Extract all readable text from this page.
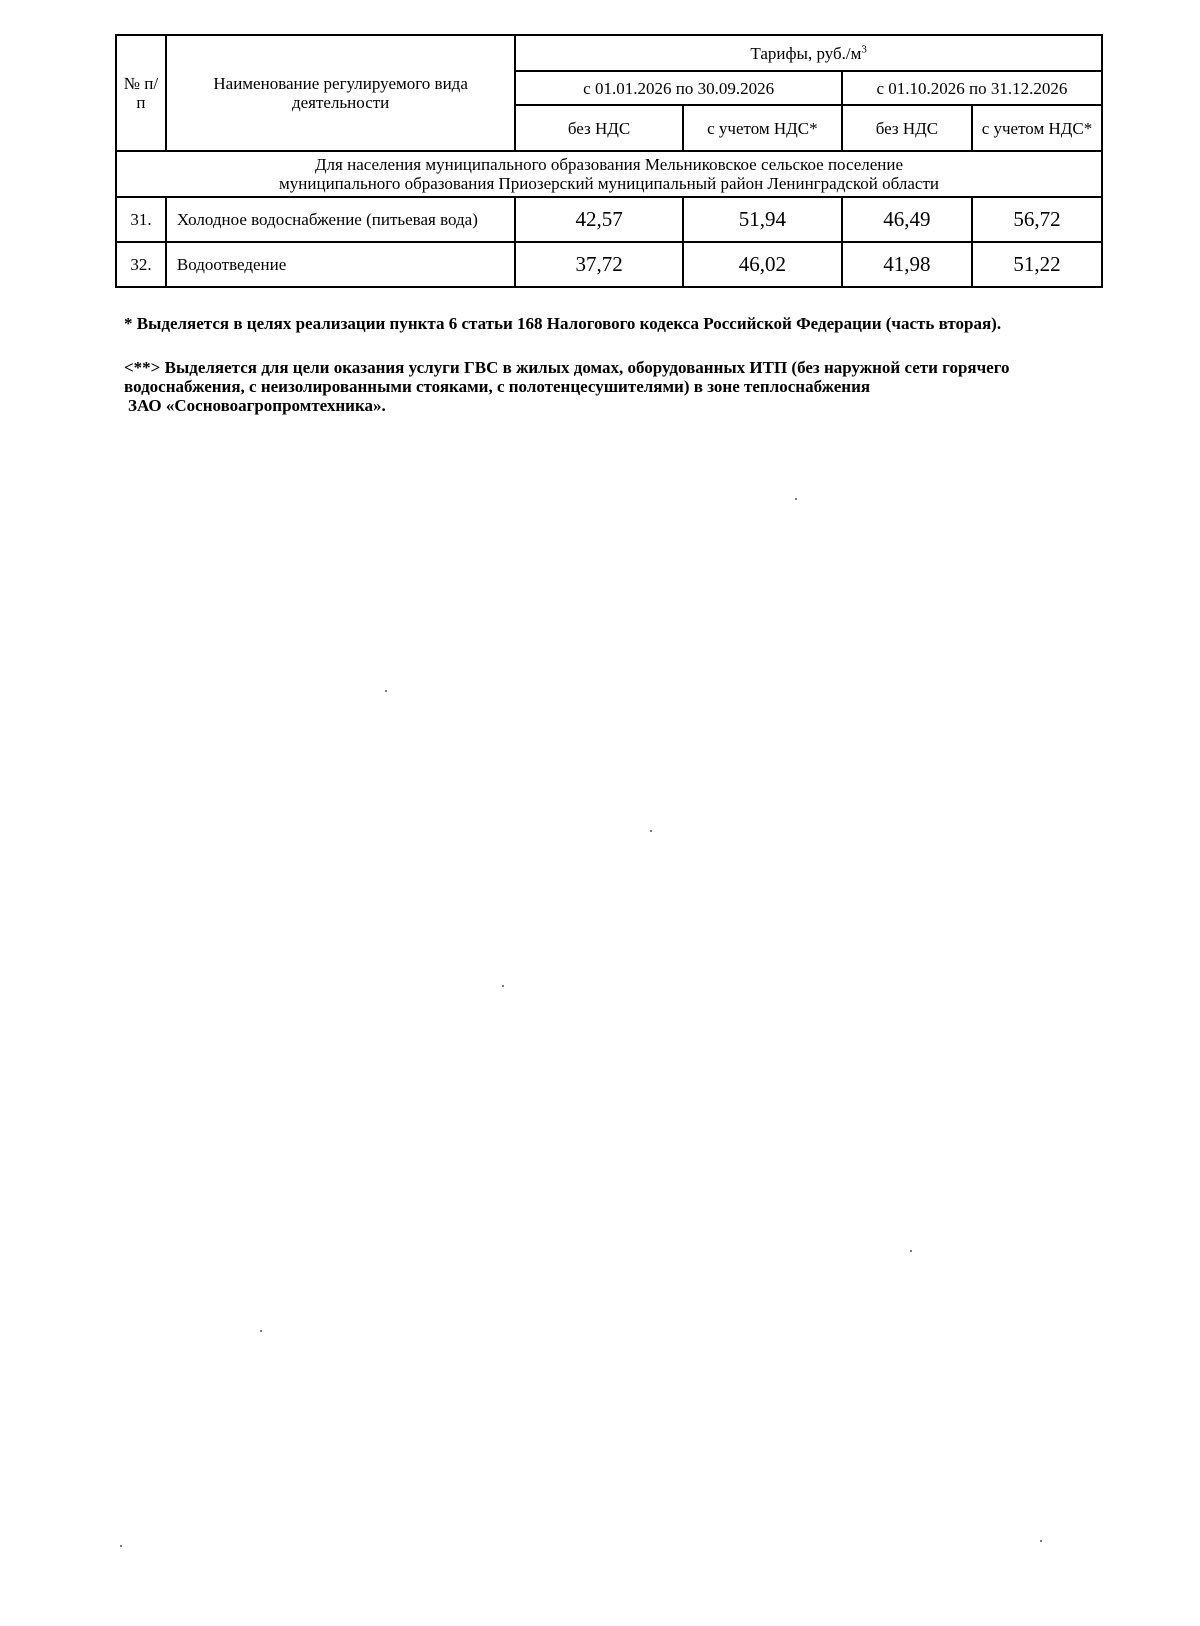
№ п/п	Наименование регулируемого вида деятельности	Тарифы, $руб./м^3$
		с 01.01.2026 по 30.09.2026		с 01.10.2026 по 31.12.2026	
		без НДС	с учетом НДС*	без НДС	с учетом НДС*
Для населения муниципального образования Мельниковское сельское поселение
муниципального образования Приозерский муниципальный район Ленинградской области					
31.	Холодное водоснабжение (питьевая вода)	42,57	51,94	46,49	56,72
32.	Водоотведение	37,72	46,02	41,98	51,22
* Выделяется в целях реализации пункта 6 статьи 168 Налогового кодекса Российской Федерации (часть вторая).
<**> Выделяется для цели оказания услуги ГВС в жилых домах, оборудованных ИТП (без наружной сети горячего
водоснабжения, с неизолированными стояками, с полотенцесушителями) в зоне теплоснабжения
ЗАО «Сосновоагропромтехника».
